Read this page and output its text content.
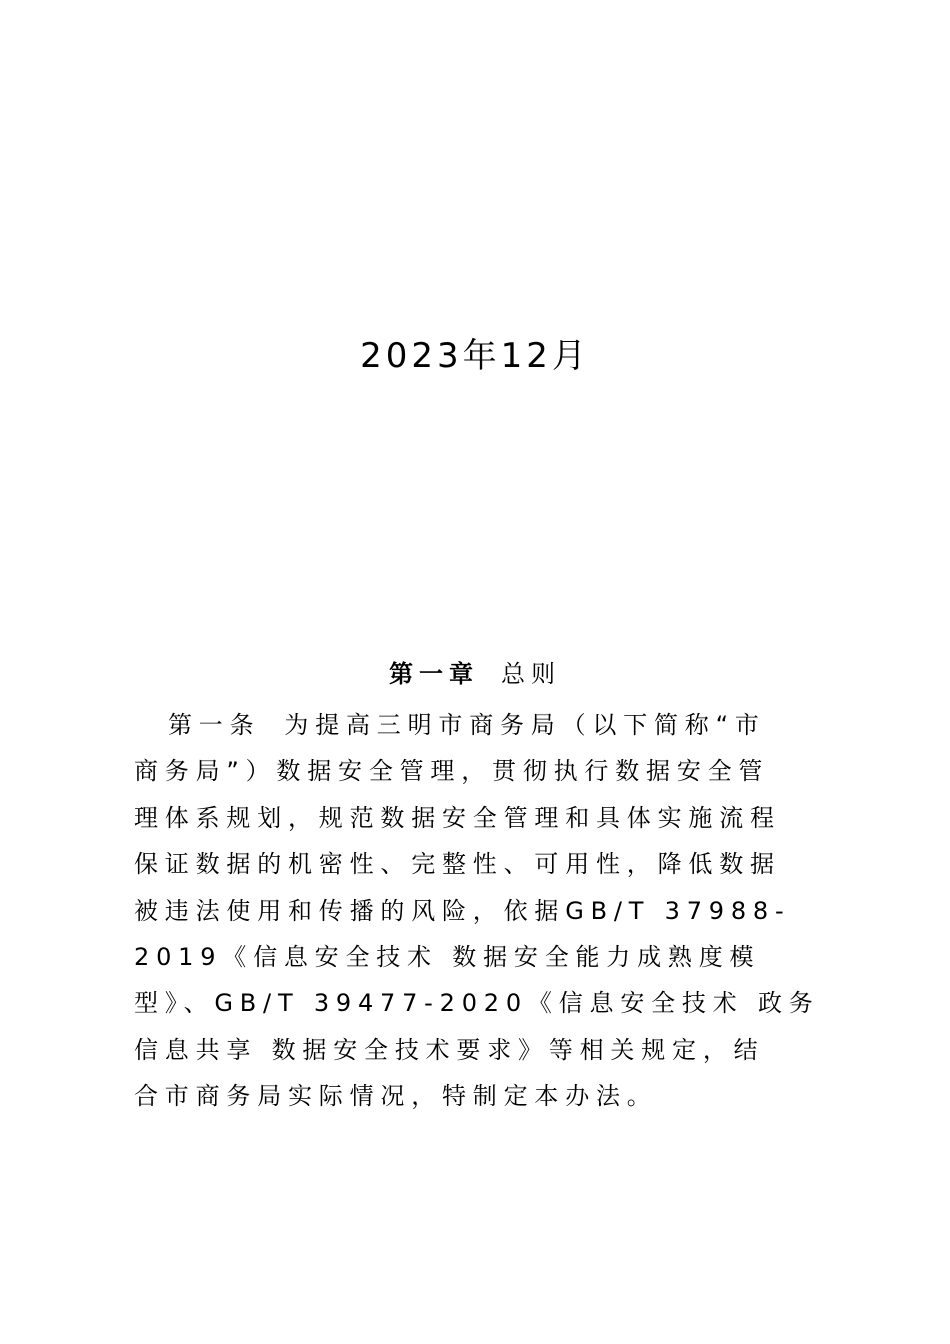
2023年12月
第一章 总则
第一条 为提高三明市商务局（以下简称“市
商务局”）数据安全管理，贯彻执行数据安全管
理体系规划，规范数据安全管理和具体实施流程
保证数据的机密性、完整性、可用性，降低数据
被违法使用和传播的风险，依据GB/T 37988-
2019《信息安全技术 数据安全能力成熟度模
型》、GB/T 39477-2020《信息安全技术 政务
信息共享 数据安全技术要求》等相关规定，结
合市商务局实际情况，特制定本办法。
